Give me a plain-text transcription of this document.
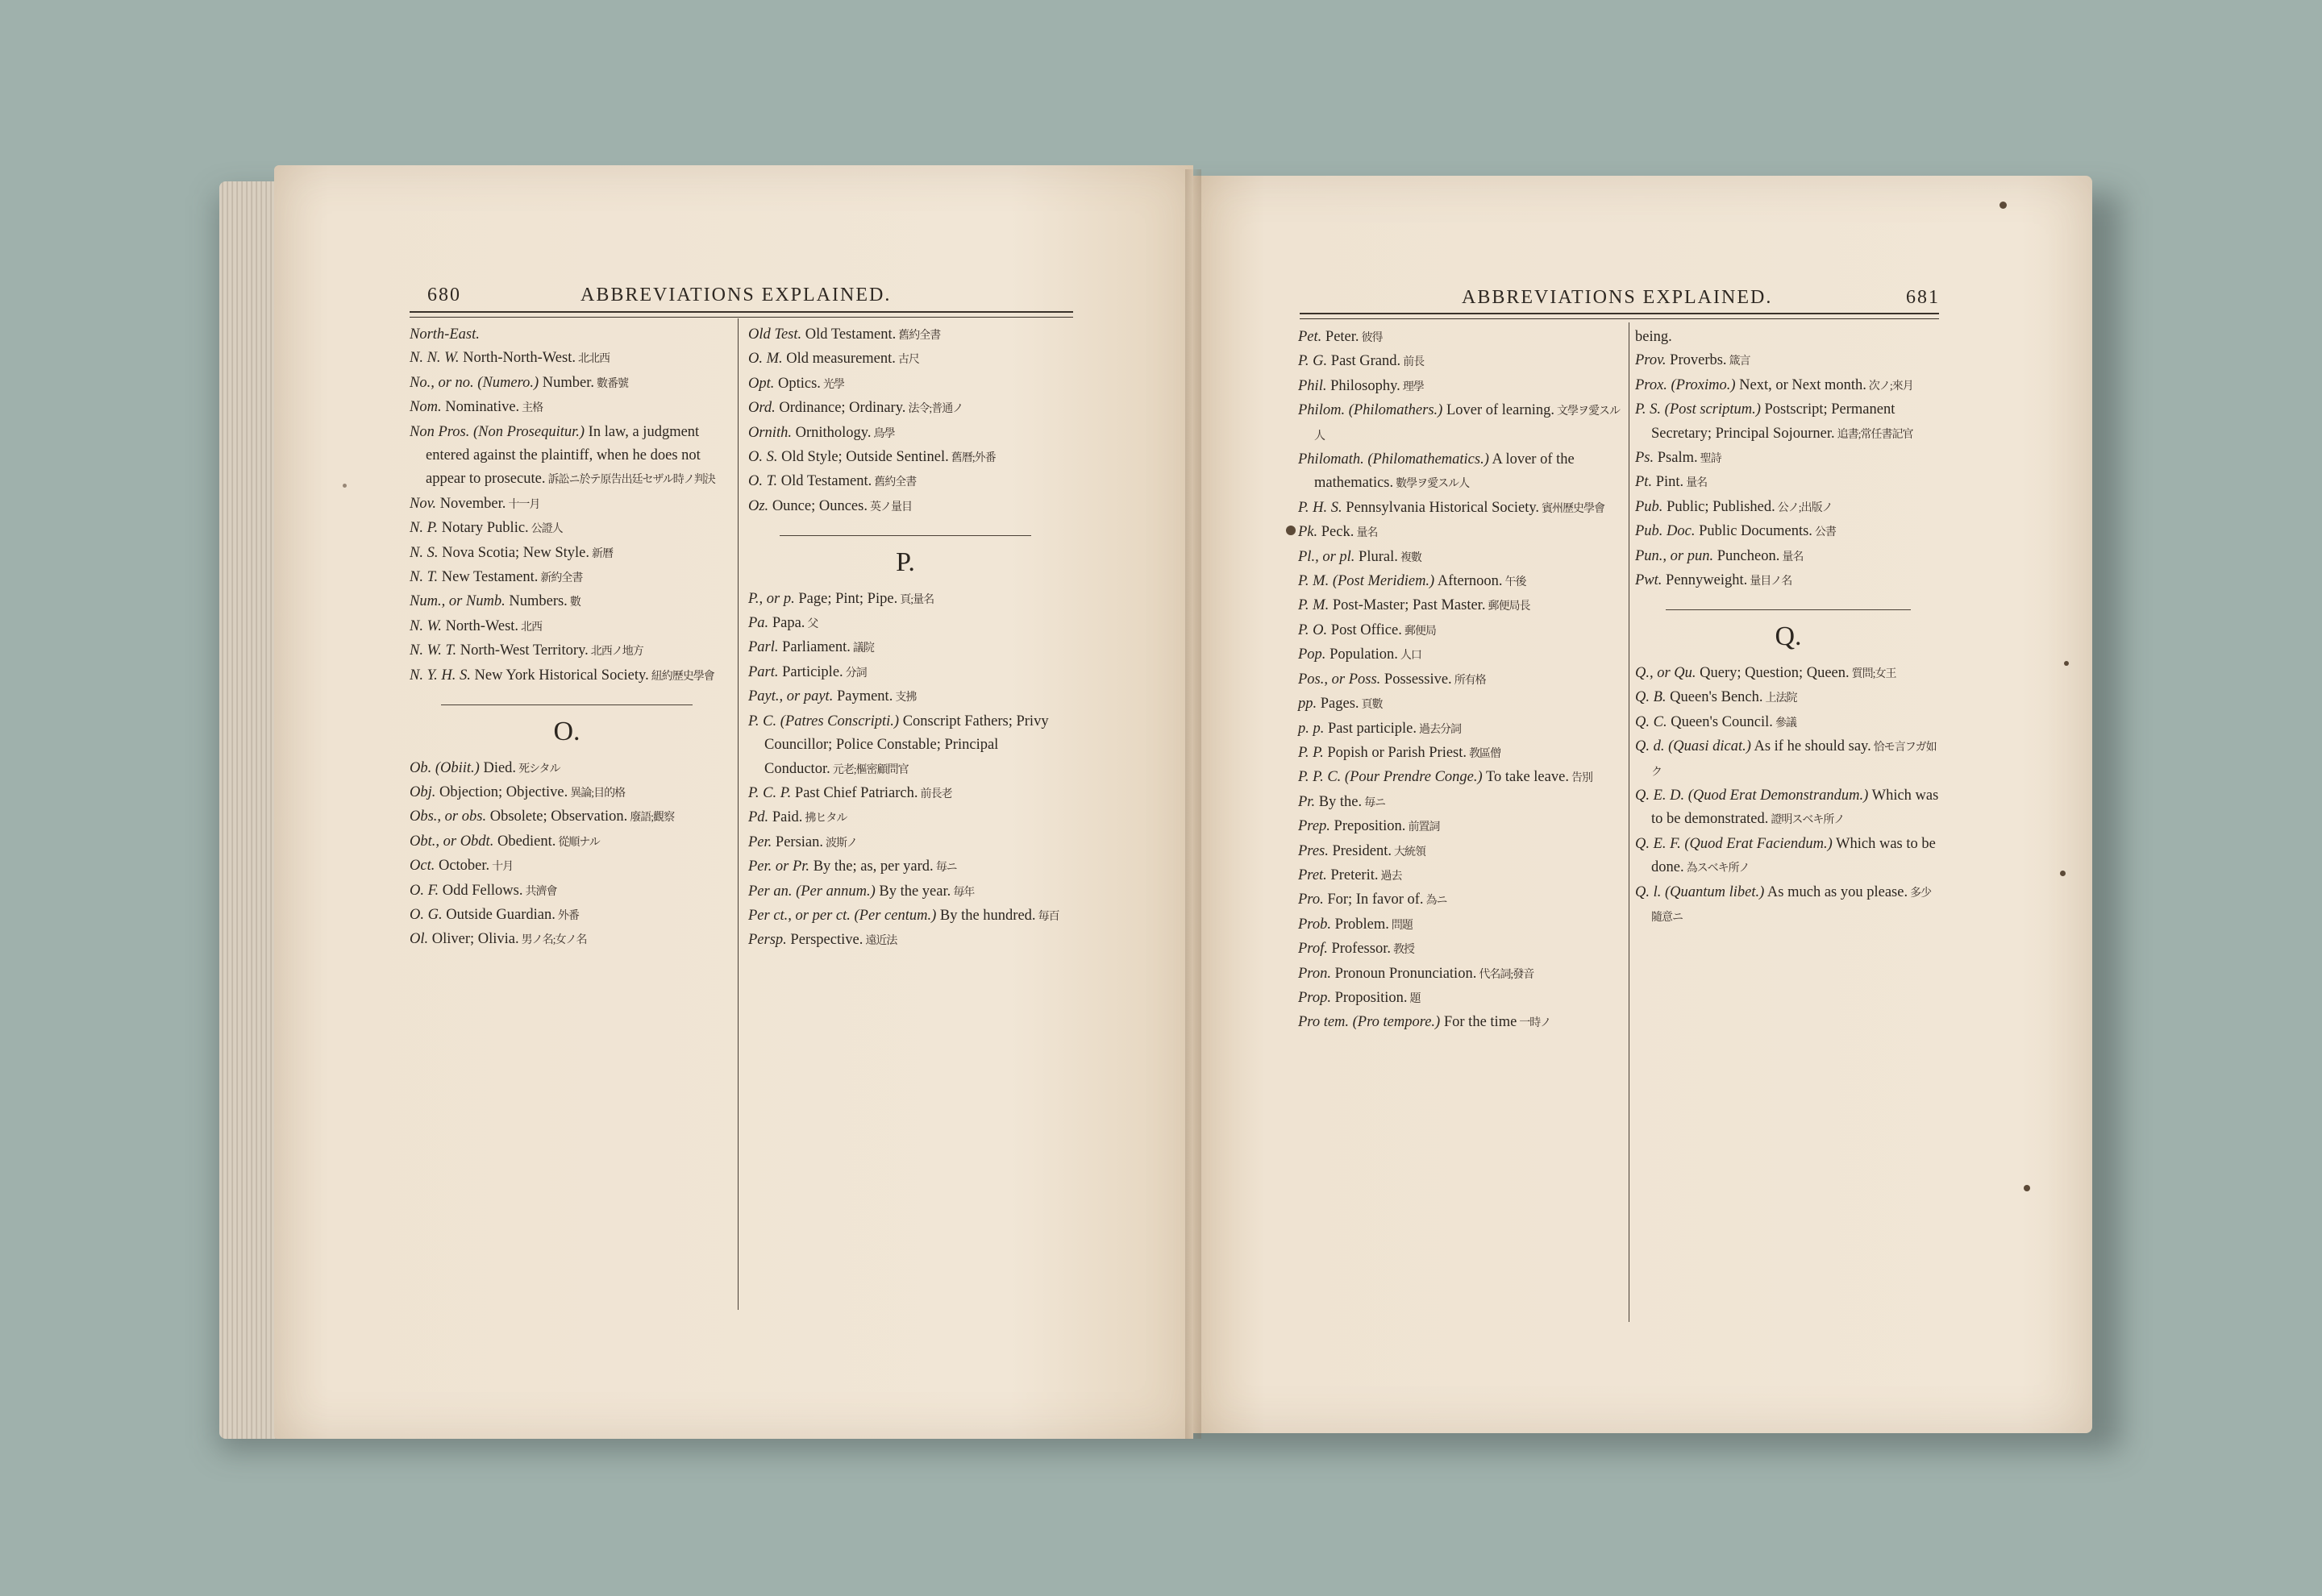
680	ABBREVIATIONS EXPLAINED.
North-East.
N. N. W. North-North-West. 北北西
No., or no. (Numero.) Number. 數番號
Nom. Nominative. 主格
Non Pros. (Non Prosequitur.) In law, a judgment entered against the plaintiff, when he does not appear to prosecute. 訴訟ニ於テ原告出廷セザル時ノ判決
Nov. November. 十一月
N. P. Notary Public. 公證人
N. S. Nova Scotia; New Style. 新曆
N. T. New Testament. 新約全書
Num., or Numb. Numbers. 數
N. W. North-West. 北西
N. W. T. North-West Territory. 北西ノ地方
N. Y. H. S. New York Historical Society. 紐約歷史學會
O.
Ob. (Obiit.) Died. 死シタル
Obj. Objection; Objective. 異論;目的格
Obs., or obs. Obsolete; Observation. 廢語;觀察
Obt., or Obdt. Obedient. 從順ナル
Oct. October. 十月
O. F. Odd Fellows. 共濟會
O. G. Outside Guardian. 外番
Ol. Oliver; Olivia. 男ノ名;女ノ名
Old Test. Old Testament. 舊約全書
O. M. Old measurement. 古尺
Opt. Optics. 光學
Ord. Ordinance; Ordinary. 法令;普通ノ
Ornith. Ornithology. 鳥學
O. S. Old Style; Outside Sentinel. 舊曆;外番
O. T. Old Testament. 舊約全書
Oz. Ounce; Ounces. 英ノ量目
P.
P., or p. Page; Pint; Pipe. 頁;量名
Pa. Papa. 父
Parl. Parliament. 議院
Part. Participle. 分詞
Payt., or payt. Payment. 支拂
P. C. (Patres Conscripti.) Conscript Fathers; Privy Councillor; Police Constable; Principal Conductor. 元老;樞密顧問官
P. C. P. Past Chief Patriarch. 前長老
Pd. Paid. 拂ヒタル
Per. Persian. 波斯ノ
Per. or Pr. By the; as, per yard. 毎ニ
Per an. (Per annum.) By the year. 毎年
Per ct., or per ct. (Per centum.) By the hundred. 毎百
Persp. Perspective. 遠近法
ABBREVIATIONS EXPLAINED.	681
Pet. Peter. 彼得
P. G. Past Grand. 前長
Phil. Philosophy. 理學
Philom. (Philomathers.) Lover of learning. 文學ヲ愛スル人
Philomath. (Philomathematics.) A lover of the mathematics. 數學ヲ愛スル人
P. H. S. Pennsylvania Historical Society. 賓州歷史學會
Pk. Peck. 量名
Pl., or pl. Plural. 複數
P. M. (Post Meridiem.) Afternoon. 午後
P. M. Post-Master; Past Master. 郵便局長
P. O. Post Office. 郵便局
Pop. Population. 人口
Pos., or Poss. Possessive. 所有格
pp. Pages. 頁數
p. p. Past participle. 過去分詞
P. P. Popish or Parish Priest. 教區僧
P. P. C. (Pour Prendre Conge.) To take leave. 告別
Pr. By the. 毎ニ
Prep. Preposition. 前置詞
Pres. President. 大統領
Pret. Preterit. 過去
Pro. For; In favor of. 為ニ
Prob. Problem. 問題
Prof. Professor. 教授
Pron. Pronoun Pronunciation. 代名詞;發音
Prop. Proposition. 題
Pro tem. (Pro tempore.) For the time 一時ノ
being.
Prov. Proverbs. 箴言
Prox. (Proximo.) Next, or Next month. 次ノ;來月
P. S. (Post scriptum.) Postscript; Permanent Secretary; Principal Sojourner. 追書;常任書記官
Ps. Psalm. 聖詩
Pt. Pint. 量名
Pub. Public; Published. 公ノ;出版ノ
Pub. Doc. Public Documents. 公書
Pun., or pun. Puncheon. 量名
Pwt. Pennyweight. 量目ノ名
Q.
Q., or Qu. Query; Question; Queen. 質問;女王
Q. B. Queen's Bench. 上法院
Q. C. Queen's Council. 參議
Q. d. (Quasi dicat.) As if he should say. 恰モ言フガ如ク
Q. E. D. (Quod Erat Demonstrandum.) Which was to be demonstrated. 證明スベキ所ノ
Q. E. F. (Quod Erat Faciendum.) Which was to be done. 為スベキ所ノ
Q. l. (Quantum libet.) As much as you please. 多少隨意ニ
